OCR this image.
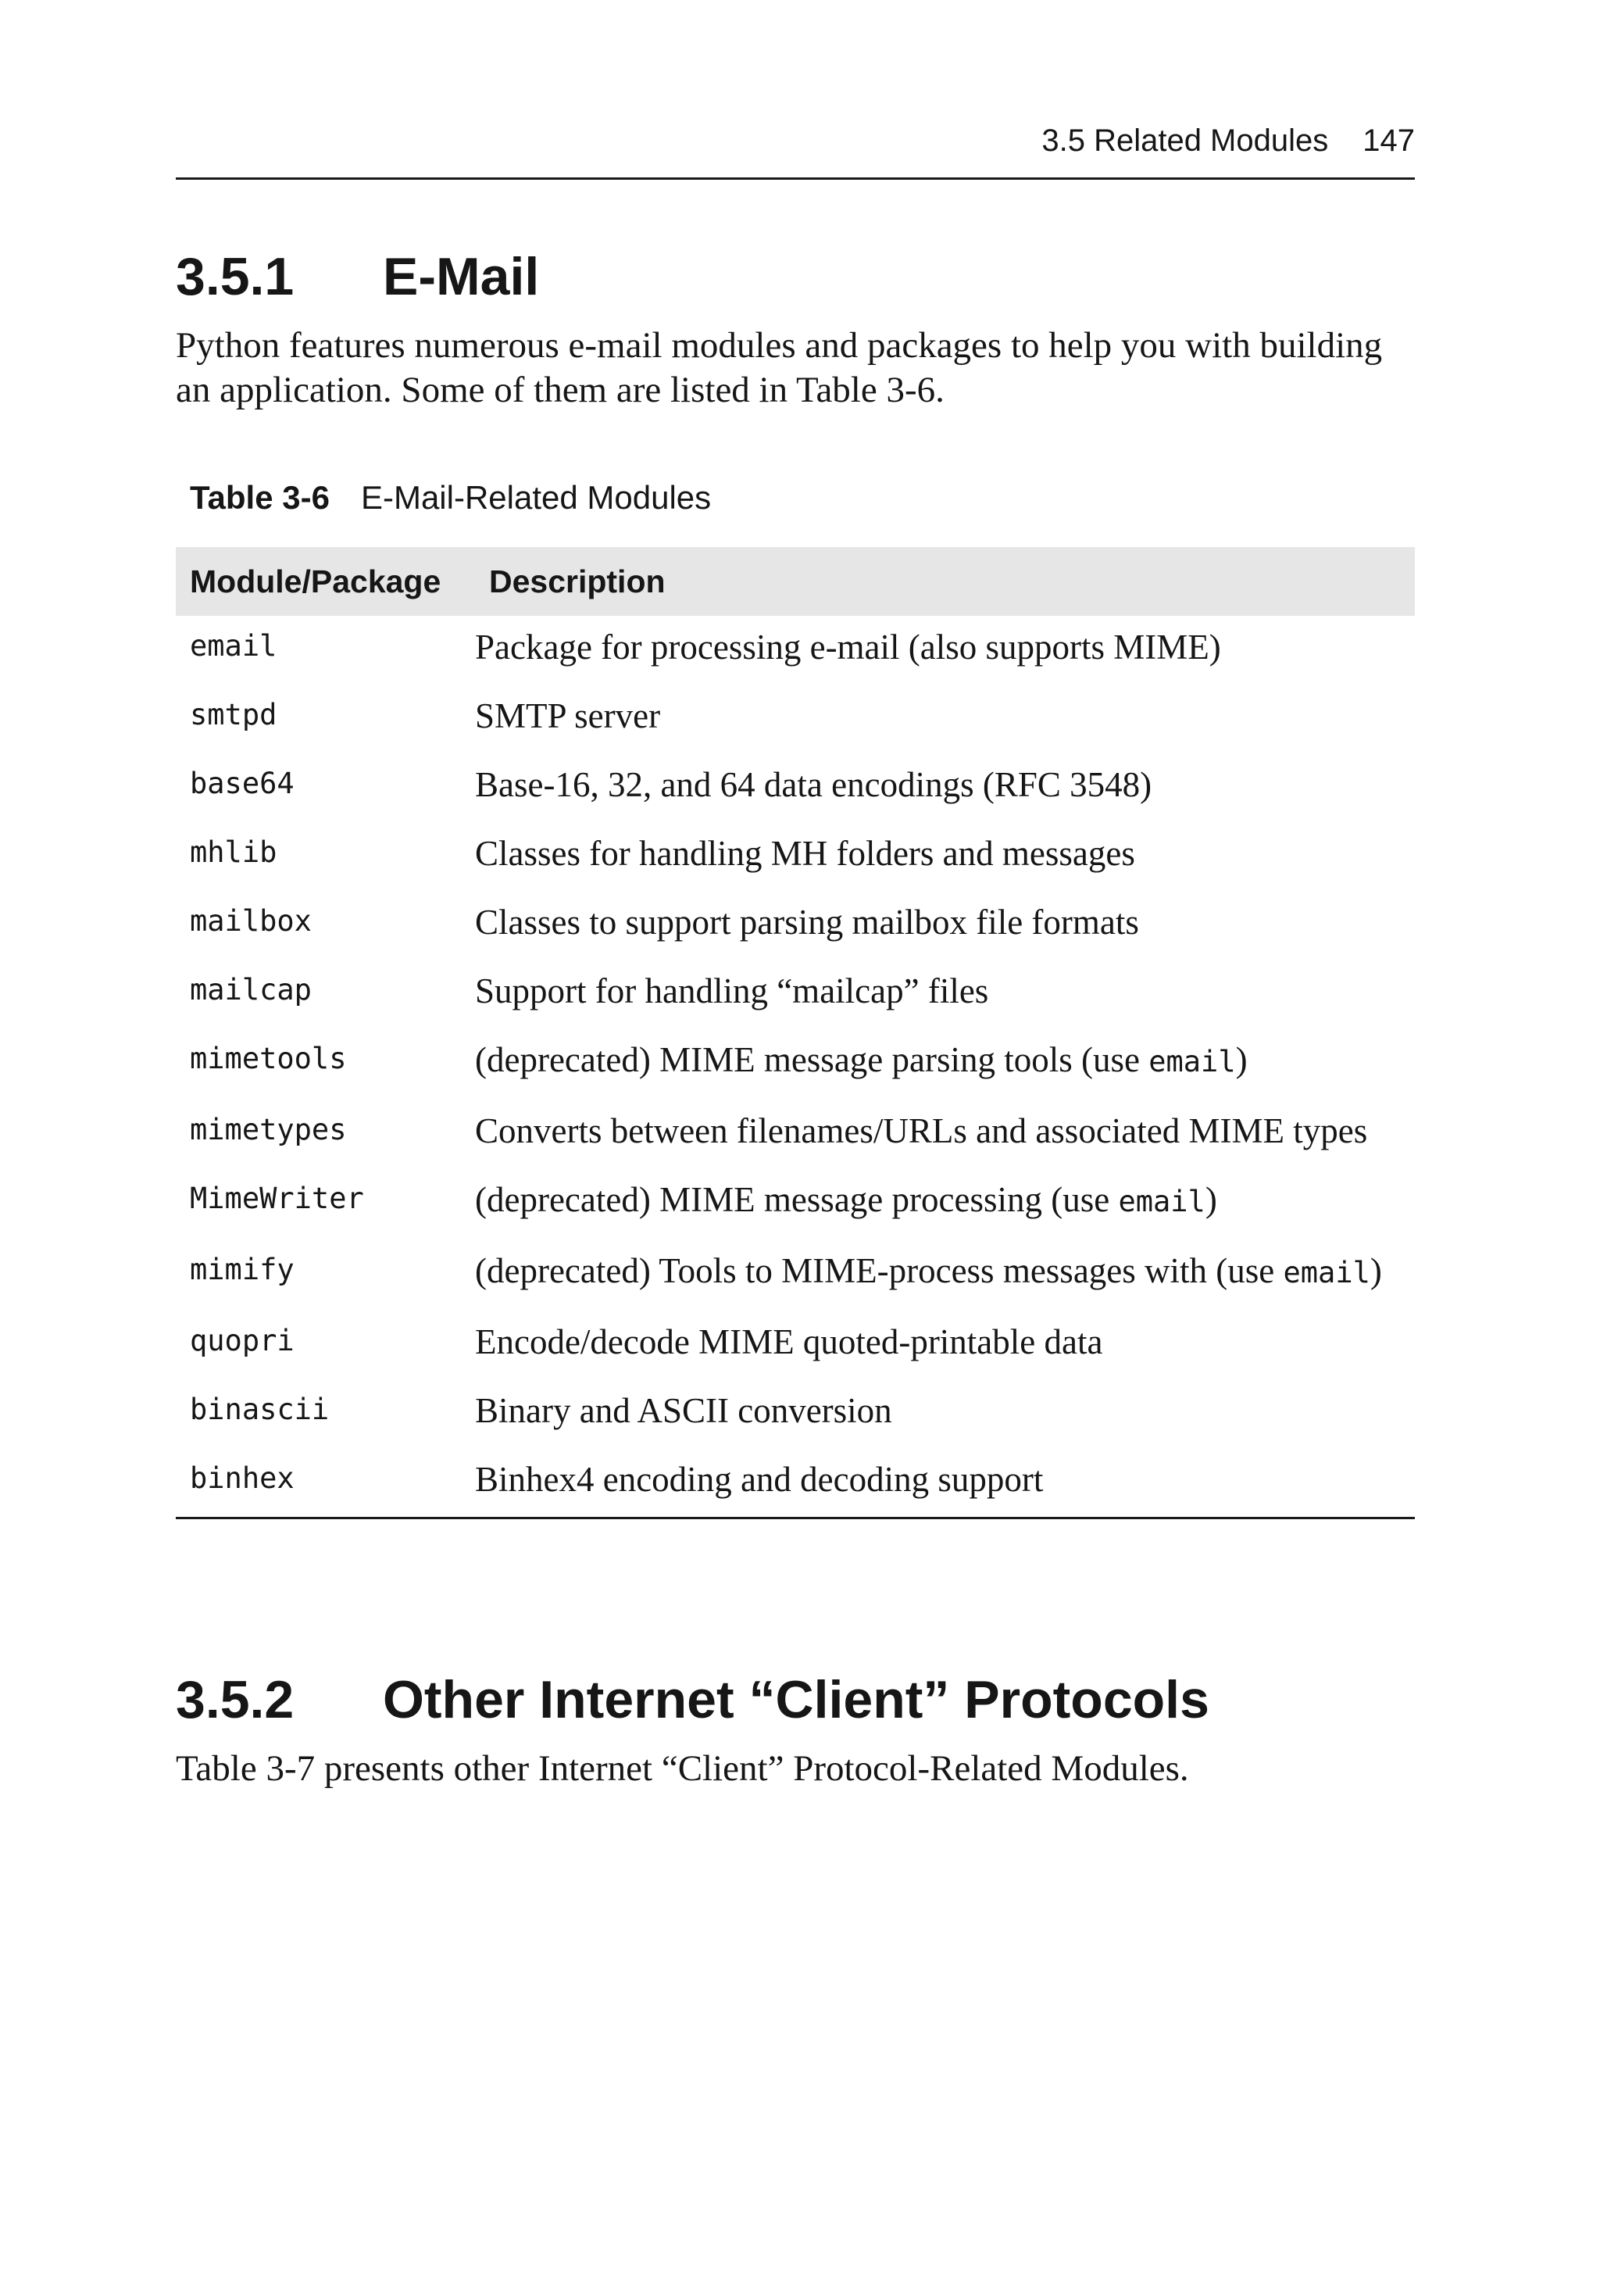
3.5 Related Modules 147
3.5.1 E-Mail

Python features numerous e-mail modules and packages to help you with building an application. Some of them are listed in Table 3-6.

Table 3-6 E-Mail-Related Modules
Module/Package	Description
email	Package for processing e-mail (also supports MIME)
smtpd	SMTP server
base64	Base-16, 32, and 64 data encodings (RFC 3548)
mhlib	Classes for handling MH folders and messages
mailbox	Classes to support parsing mailbox file formats
mailcap	Support for handling “mailcap” files
mimetools	(deprecated) MIME message parsing tools (use email)
mimetypes	Converts between filenames/URLs and associated MIME types
MimeWriter	(deprecated) MIME message processing (use email)
mimify	(deprecated) Tools to MIME-process messages with (use email)
quopri	Encode/decode MIME quoted-printable data
binascii	Binary and ASCII conversion
binhex	Binhex4 encoding and decoding support
3.5.2 Other Internet “Client” Protocols

Table 3-7 presents other Internet “Client” Protocol-Related Modules.
